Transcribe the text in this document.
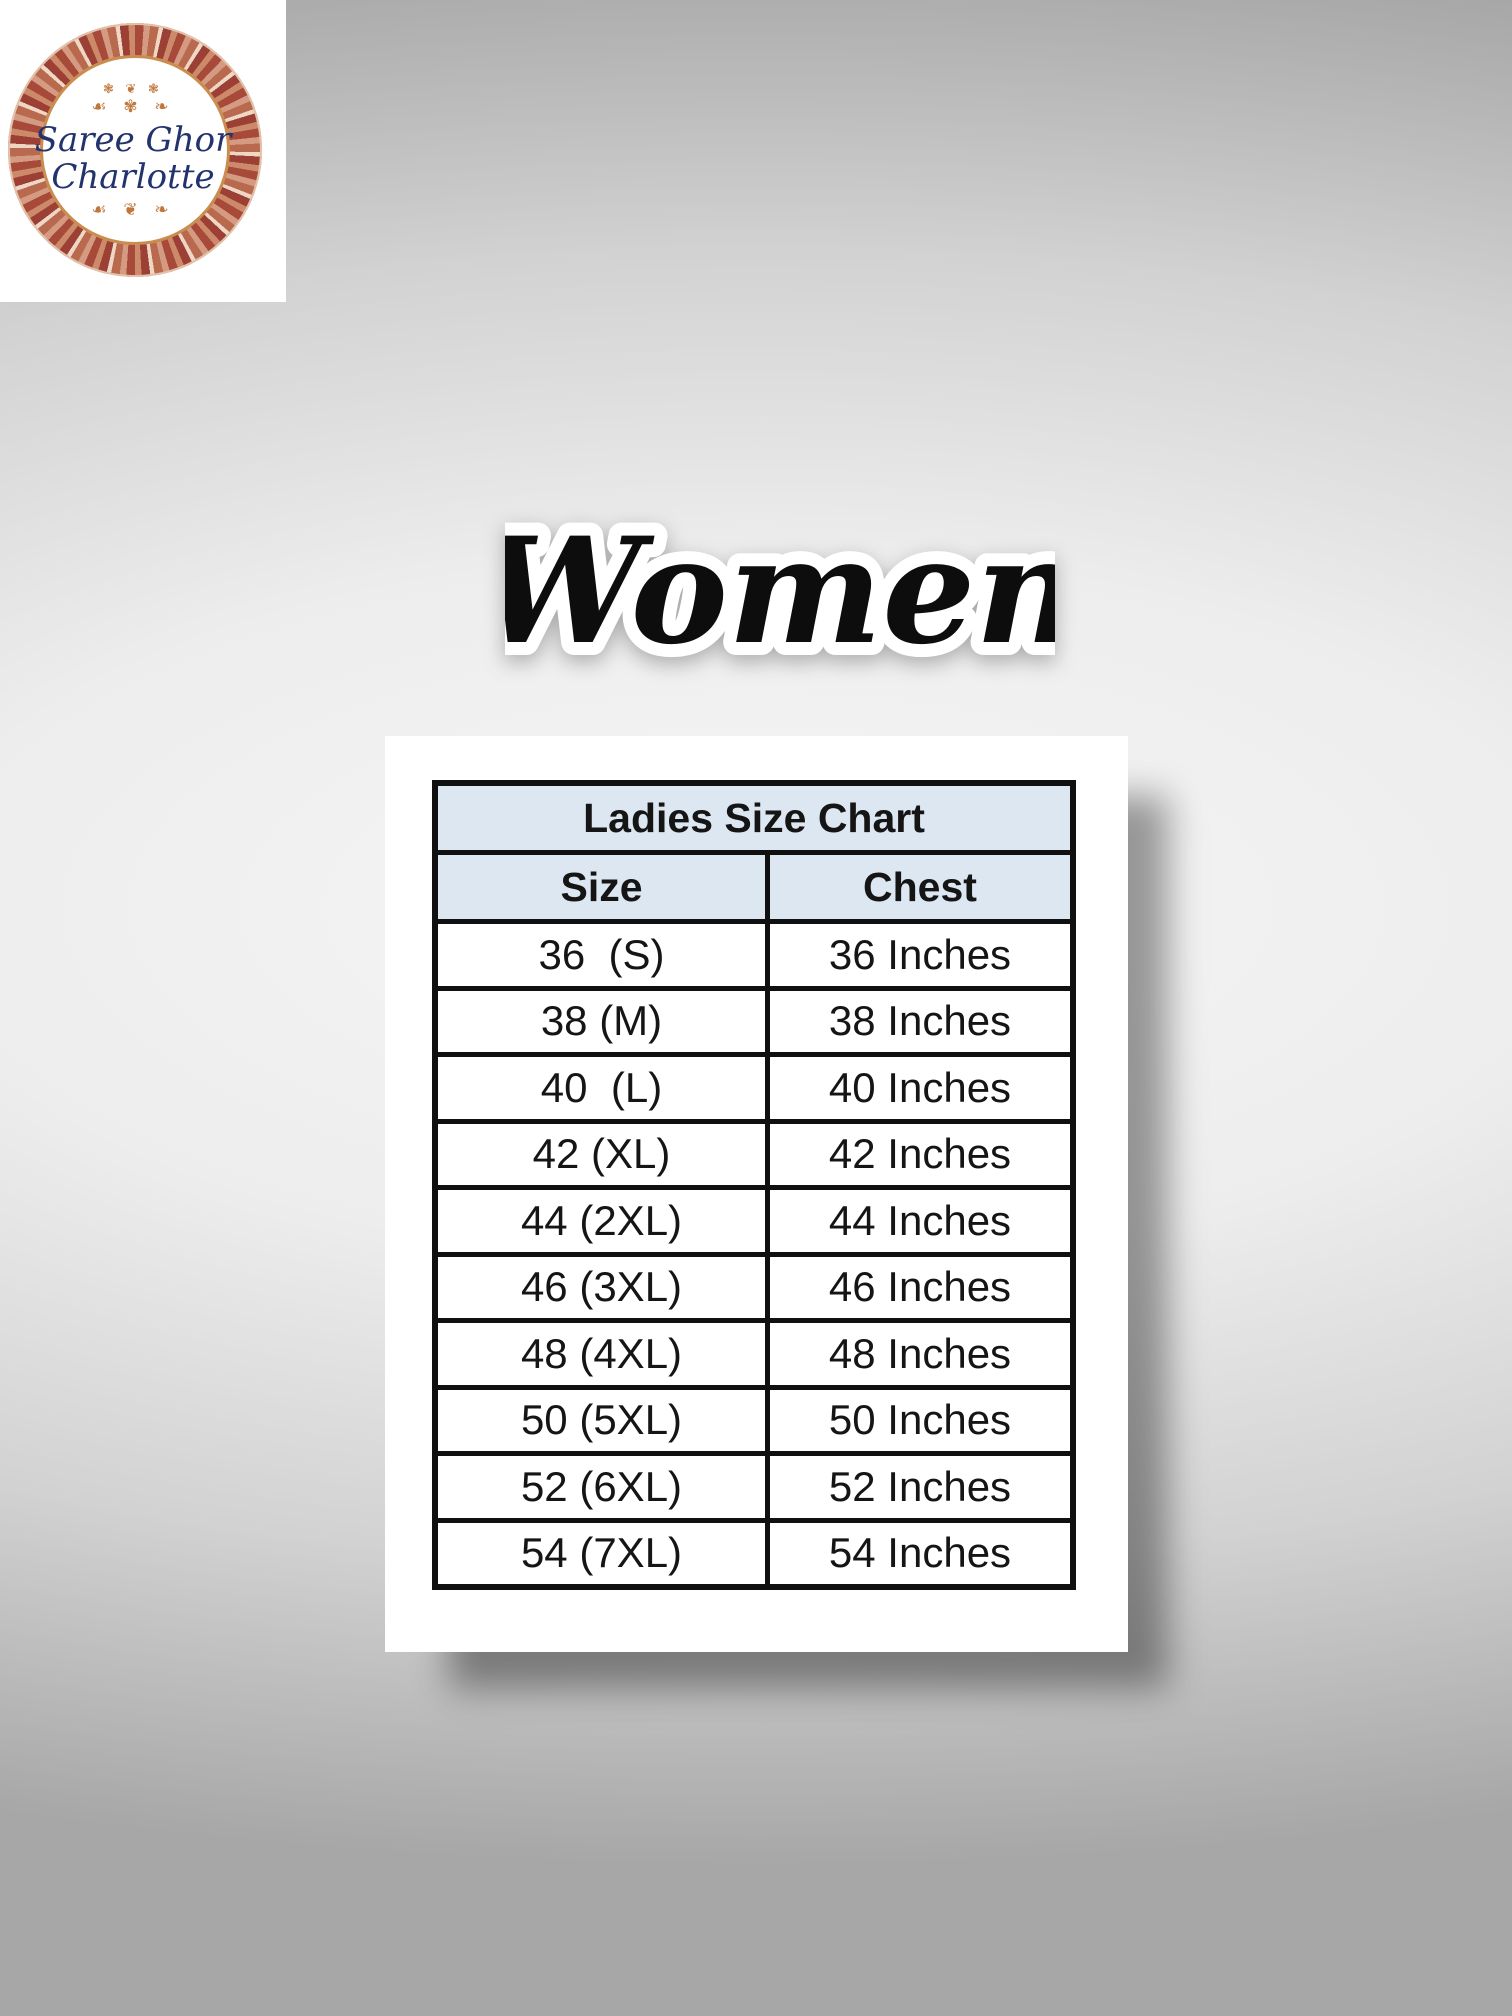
❃ ❦ ❃
☙ ✾ ❧
Saree Ghor
Charlotte
☙ ❦ ❧
Women
Ladies Size Chart
Size	Chest
36  (S)	36 Inches
38 (M)	38 Inches
40  (L)	40 Inches
42 (XL)	42 Inches
44 (2XL)	44 Inches
46 (3XL)	46 Inches
48 (4XL)	48 Inches
50 (5XL)	50 Inches
52 (6XL)	52 Inches
54 (7XL)	54 Inches
